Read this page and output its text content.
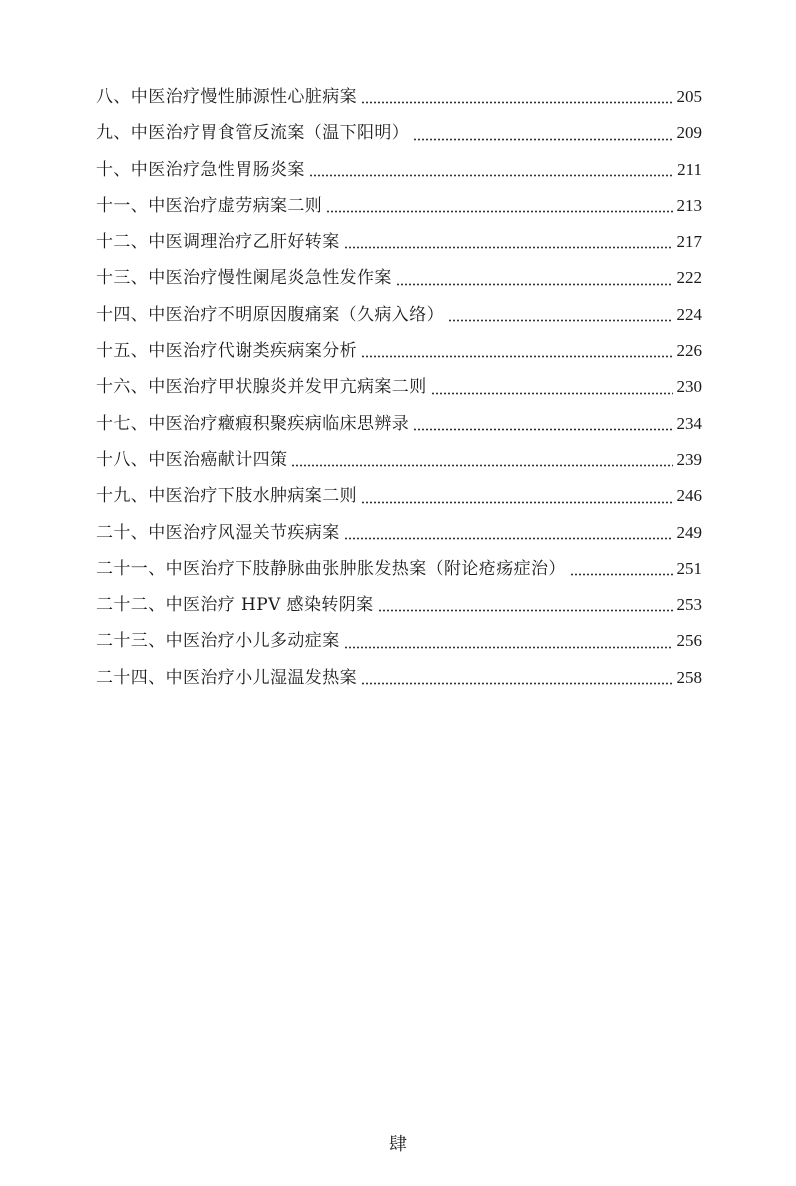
八、中医治疗慢性肺源性心脏病案	205
九、中医治疗胃食管反流案（温下阳明）	209
十、中医治疗急性胃肠炎案	211
十一、中医治疗虚劳病案二则	213
十二、中医调理治疗乙肝好转案	217
十三、中医治疗慢性阑尾炎急性发作案	222
十四、中医治疗不明原因腹痛案（久病入络）	224
十五、中医治疗代谢类疾病案分析	226
十六、中医治疗甲状腺炎并发甲亢病案二则	230
十七、中医治疗癥瘕积聚疾病临床思辨录	234
十八、中医治癌献计四策	239
十九、中医治疗下肢水肿病案二则	246
二十、中医治疗风湿关节疾病案	249
二十一、中医治疗下肢静脉曲张肿胀发热案（附论疮疡症治）	251
二十二、中医治疗 HPV 感染转阴案	253
二十三、中医治疗小儿多动症案	256
二十四、中医治疗小儿湿温发热案	258
肆
